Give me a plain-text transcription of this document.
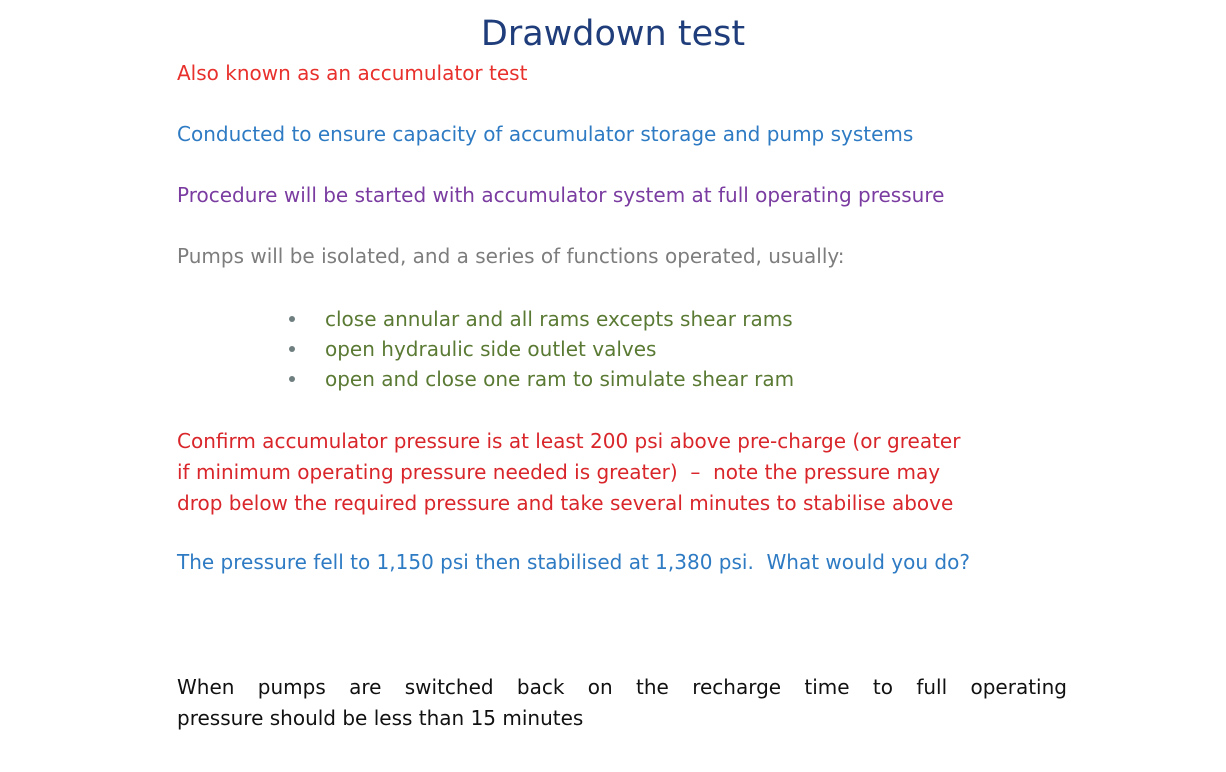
Drawdown test
Also known as an accumulator test
Conducted to ensure capacity of accumulator storage and pump systems
Procedure will be started with accumulator system at full operating pressure
Pumps will be isolated, and a series of functions operated, usually:
close annular and all rams excepts shear rams
open hydraulic side outlet valves
open and close one ram to simulate shear ram
Confirm accumulator pressure is at least 200 psi above pre-charge (or greater
if minimum operating pressure needed is greater)  –  note the pressure may
drop below the required pressure and take several minutes to stabilise above
The pressure fell to 1,150 psi then stabilised at 1,380 psi.  What would you do?
When pumps are switched back on the recharge time to full operating
pressure should be less than 15 minutes
